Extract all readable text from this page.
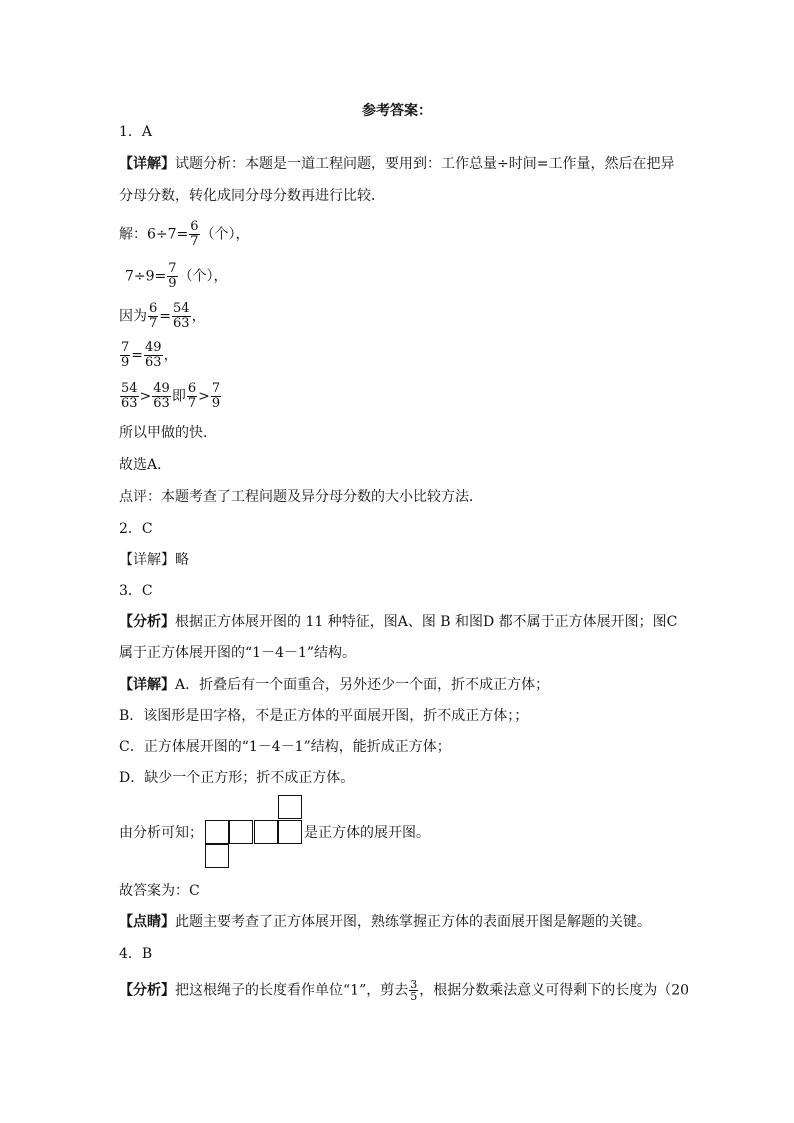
参考答案：
1．A
【详解】试题分析：本题是一道工程问题，要用到：工作总量÷时间=工作量，然后在把异
分母分数，转化成同分母分数再进行比较．
解：$6\div 7= \frac{6}{7}$ （个），
$7\div 9= \frac{7}{9}$ （个），
因为 $\frac{6}{7} = \frac{54}{63}$ ，
$\frac{7}{9} = \frac{49}{63}$ ，
$\frac{54}{63} > \frac{49}{63}$ 即 $\frac{6}{7} > \frac{7}{9}$
所以甲做的快．
故选A．
点评：本题考查了工程问题及异分母分数的大小比较方法．
2．C
【详解】略
3．C
【分析】根据正方体展开图的 11 种特征，图A、图 B 和图D 都不属于正方体展开图；图C
属于正方体展开图的“1－4－1”结构。
【详解】A．折叠后有一个面重合，另外还少一个面，折不成正方体；
B．该图形是田字格，不是正方体的平面展开图，折不成正方体；；
C．正方体展开图的“1－4－1”结构，能折成正方体；
D．缺少一个正方形；折不成正方体。
由分析可知；	是正方体的展开图。
故答案为：C
【点睛】此题主要考查了正方体展开图，熟练掌握正方体的表面展开图是解题的关键。
4．B
【分析】把这根绳子的长度看作单位“1”，剪去 $\frac{3}{5}$ ，根据分数乘法意义可得剩下的长度为（20
